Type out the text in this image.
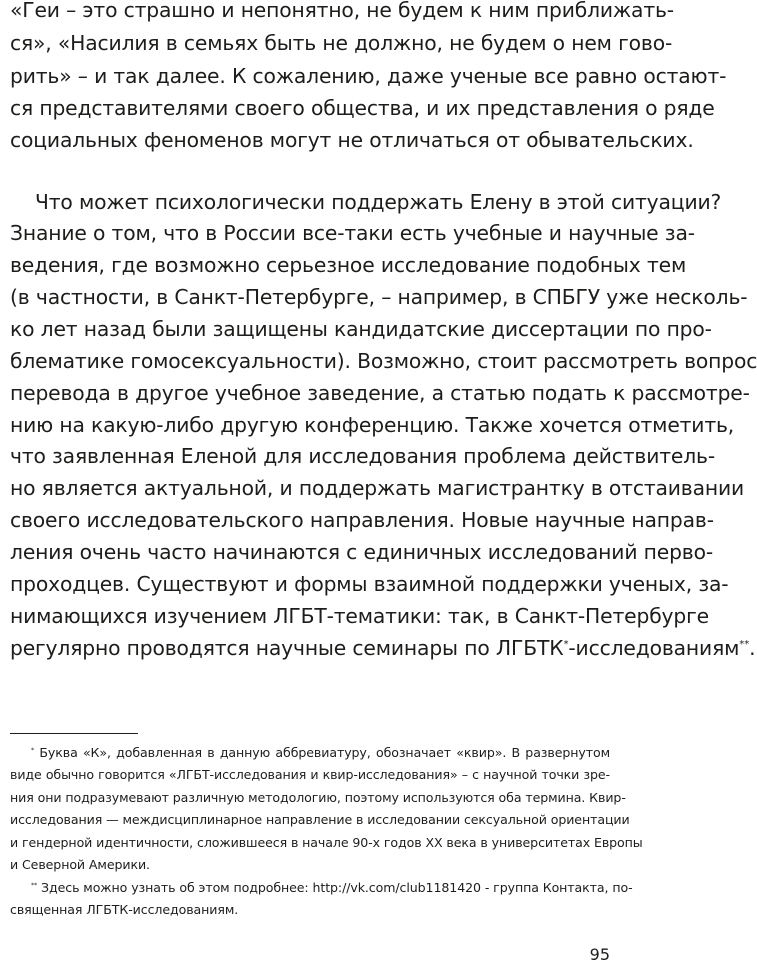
«Геи – это страшно и непонятно, не будем к ним приближать-
ся», «Насилия в семьях быть не должно, не будем о нем гово-
рить» – и так далее. К сожалению, даже ученые все равно остают-
ся представителями своего общества, и их представления о ряде
социальных феноменов могут не отличаться от обывательских.
Что может психологически поддержать Елену в этой ситуации?
Знание о том, что в России все-таки есть учебные и научные за-
ведения, где возможно серьезное исследование подобных тем
(в частности, в Санкт-Петербурге, – например, в СПБГУ уже несколь-
ко лет назад были защищены кандидатские диссертации по про-
блематике гомосексуальности). Возможно, стоит рассмотреть вопрос
перевода в другое учебное заведение, а статью подать к рассмотре-
нию на какую-либо другую конференцию. Также хочется отметить,
что заявленная Еленой для исследования проблема действитель-
но является актуальной, и поддержать магистрантку в отстаивании
своего исследовательского направления. Новые научные направ-
ления очень часто начинаются с единичных исследований перво-
проходцев. Существуют и формы взаимной поддержки ученых, за-
нимающихся изучением ЛГБТ-тематики: так, в Санкт-Петербурге
регулярно проводятся научные семинары по ЛГБТК*-исследованиям**.
* Буква «К», добавленная в данную аббревиатуру, обозначает «квир». В развернутом
виде обычно говорится «ЛГБТ-исследования и квир-исследования» – с научной точки зре-
ния они подразумевают различную методологию, поэтому используются оба термина. Квир-
исследования — междисциплинарное направление в исследовании сексуальной ориентации
и гендерной идентичности, сложившееся в начале 90-х годов XX века в университетах Европы
и Северной Америки.
** Здесь можно узнать об этом подробнее: http://vk.com/club1181420 - группа Контакта, по-
священная ЛГБТК-исследованиям.
95
